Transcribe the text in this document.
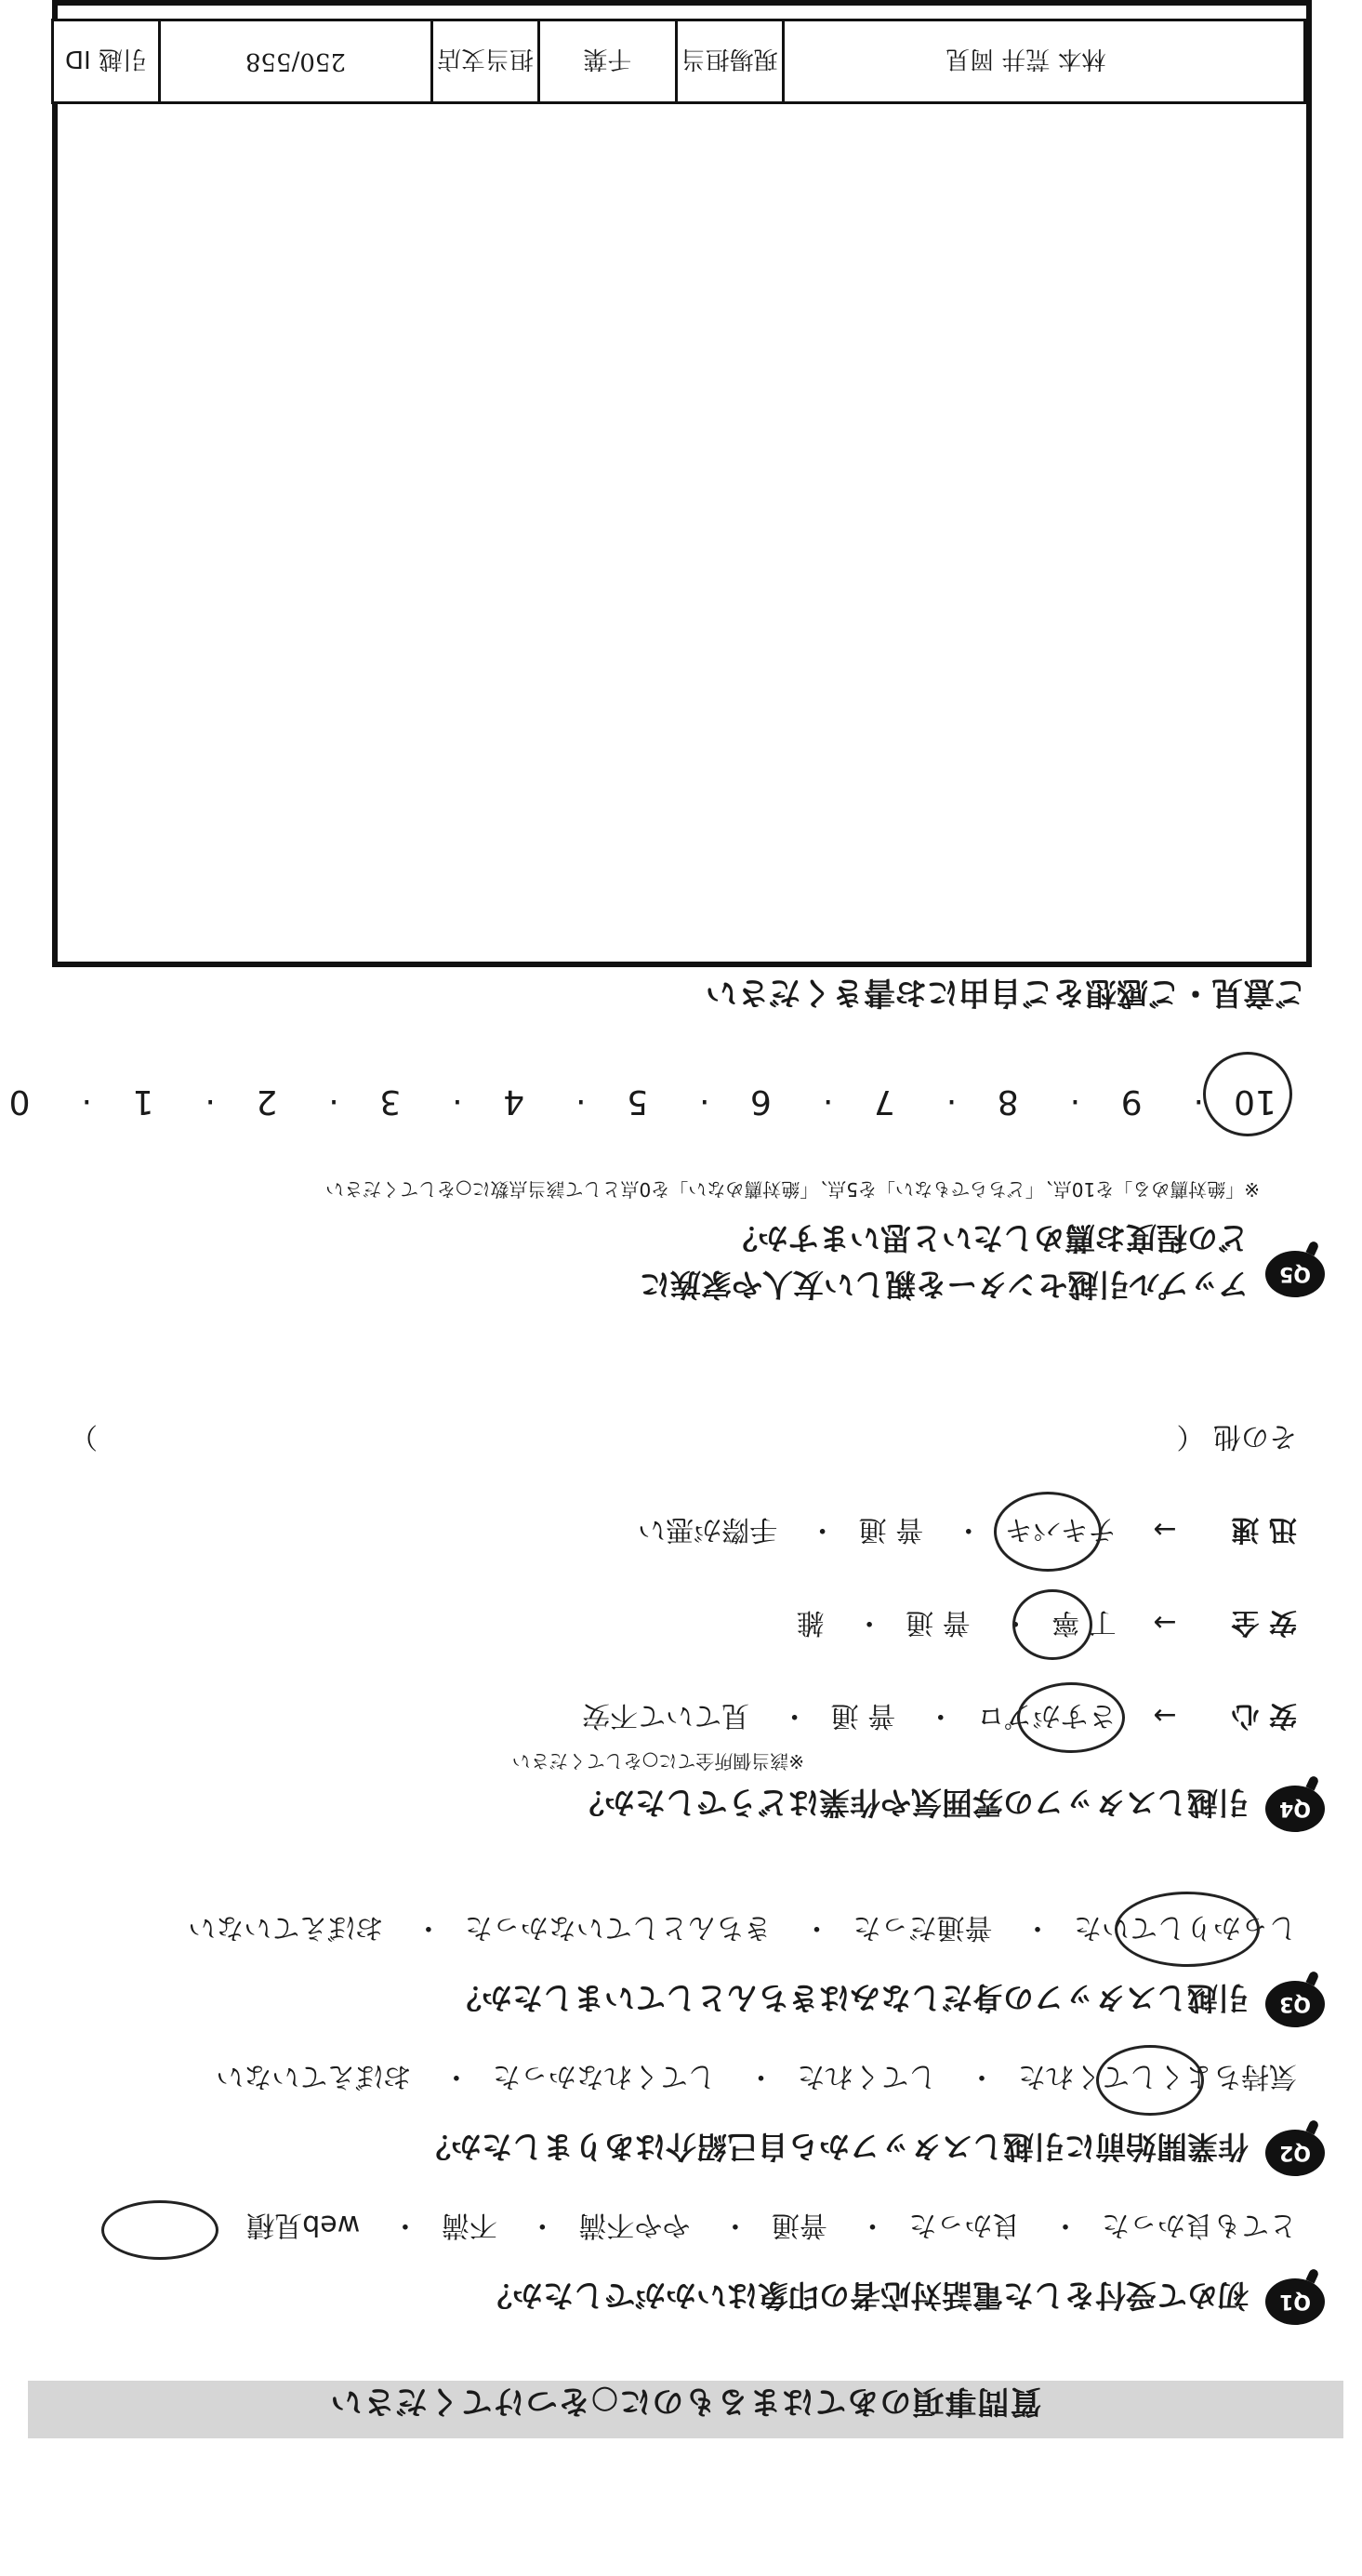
質問事項のあてはまるものに○をつけてください
Q1
初めて受付をした電話対応者の印象はいかがでしたか？
とても良かった・ 良かった・ 普通・ やや不満・ 不満・ web見積
Q2
作業開始前に引越しスタッフから自己紹介はありましたか？
気持ちよくしてくれた・ してくれた・ してくれなかった・ おぼえていない
Q3
引越しスタッフの身だしなみはきちんとしていましたか？
しっかりしていた・ 普通だった・ きちんとしていなかった・ おぼえていない
Q4
引越しスタッフの雰囲気や作業はどうでしたか？
※該当個所全てに○をしてください
安 心 → さすがプロ・ 普 通・ 見ていて不安
安 全 → 丁 寧・ 普 通・ 雑
迅 速 → テキパキ・ 普 通・ 手際が悪い
その他 （
）
Q5
アップル引越センターを親しい友人や家族に
どの程度お薦めしたいと思いますか？
※「絶対薦める」を10点、「どちらでもない」を5点、「絶対薦めない」を0点として該当点数に○をしてください
10· 9· 8· 7· 6· 5· 4· 3· 2· 1· 0
ご意見・ご感想をご自由にお書きください
林本 荒井 岡見	現場担当	千葉	担当支店	250/558	引越 ID
